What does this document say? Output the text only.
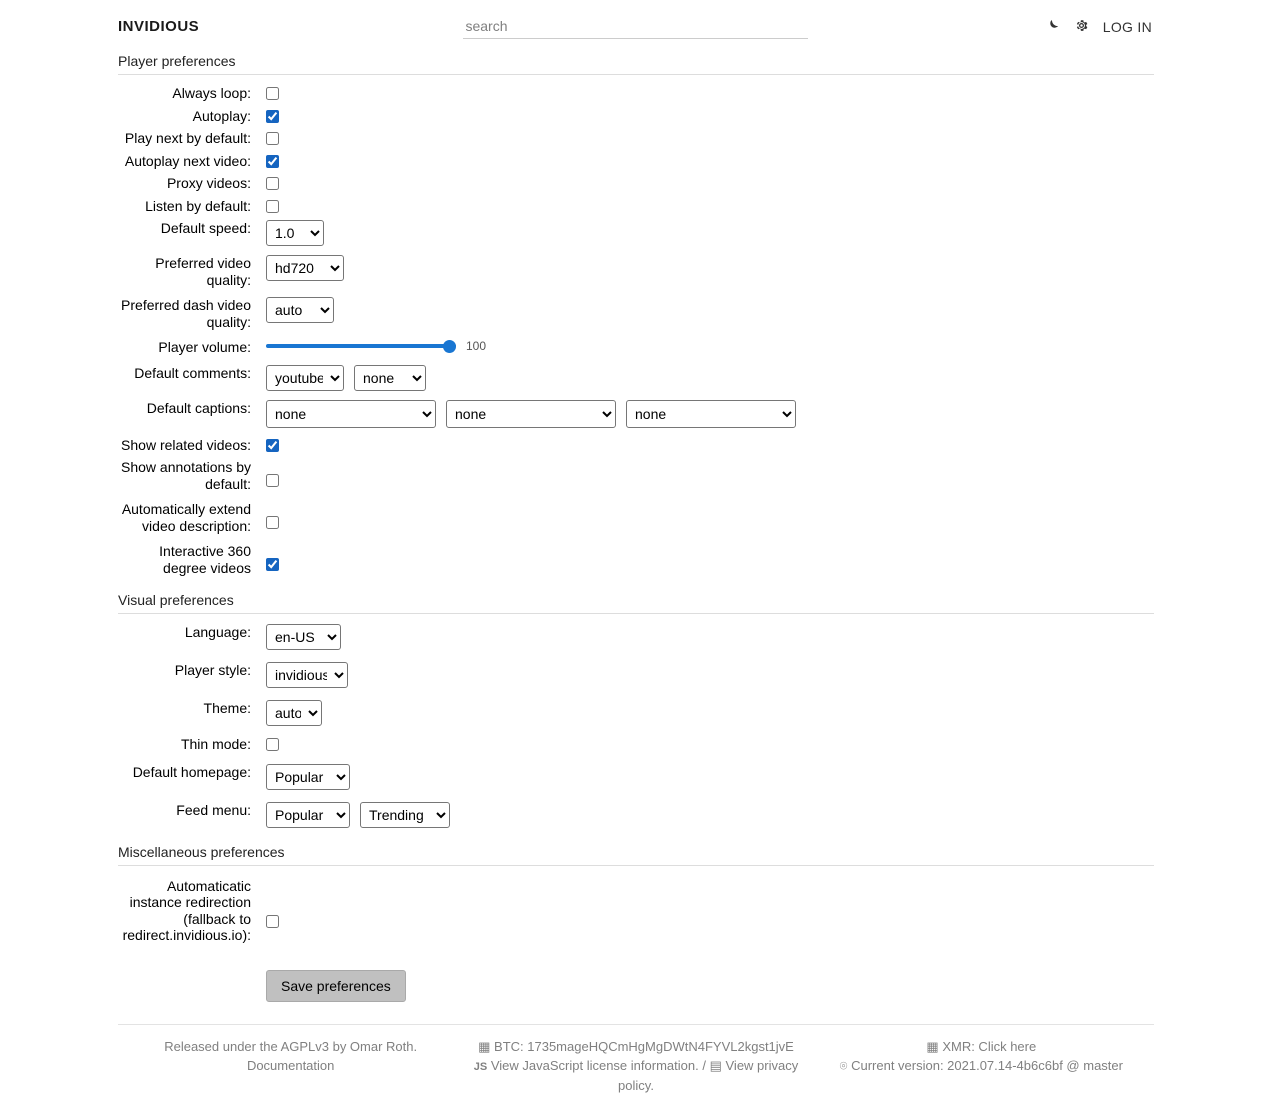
INVIDIOUS
search	LOG IN
Player preferences
Always loop:
Autoplay:
Play next by default:
Autoplay next video:
Proxy videos:
Listen by default:
Default speed:
1.0
Preferred video quality:
hd720
Preferred dash video quality:
auto
Player volume:	100
Default comments:
youtube
none
Default captions:
none
none
none
Show related videos:
Show annotations by default:
Automatically extend video description:
Interactive 360 degree videos
Visual preferences
Language:
en-US
Player style:
invidious
Theme:
auto
Thin mode:
Default homepage:
Popular
Feed menu:
Popular
Trending
Miscellaneous preferences
Automaticatic instance redirection (fallback to redirect.invidious.io):
Save preferences
Released under the AGPLv3 by Omar Roth.
Documentation
▦ BTC: 1735mageHQCmHgMgDWtN4FYVL2kgst1jvE
JS View JavaScript license information. / ▤ View privacy policy.
▦ XMR: Click here
⌾ Current version: 2021.07.14-4b6c6bf @ master
